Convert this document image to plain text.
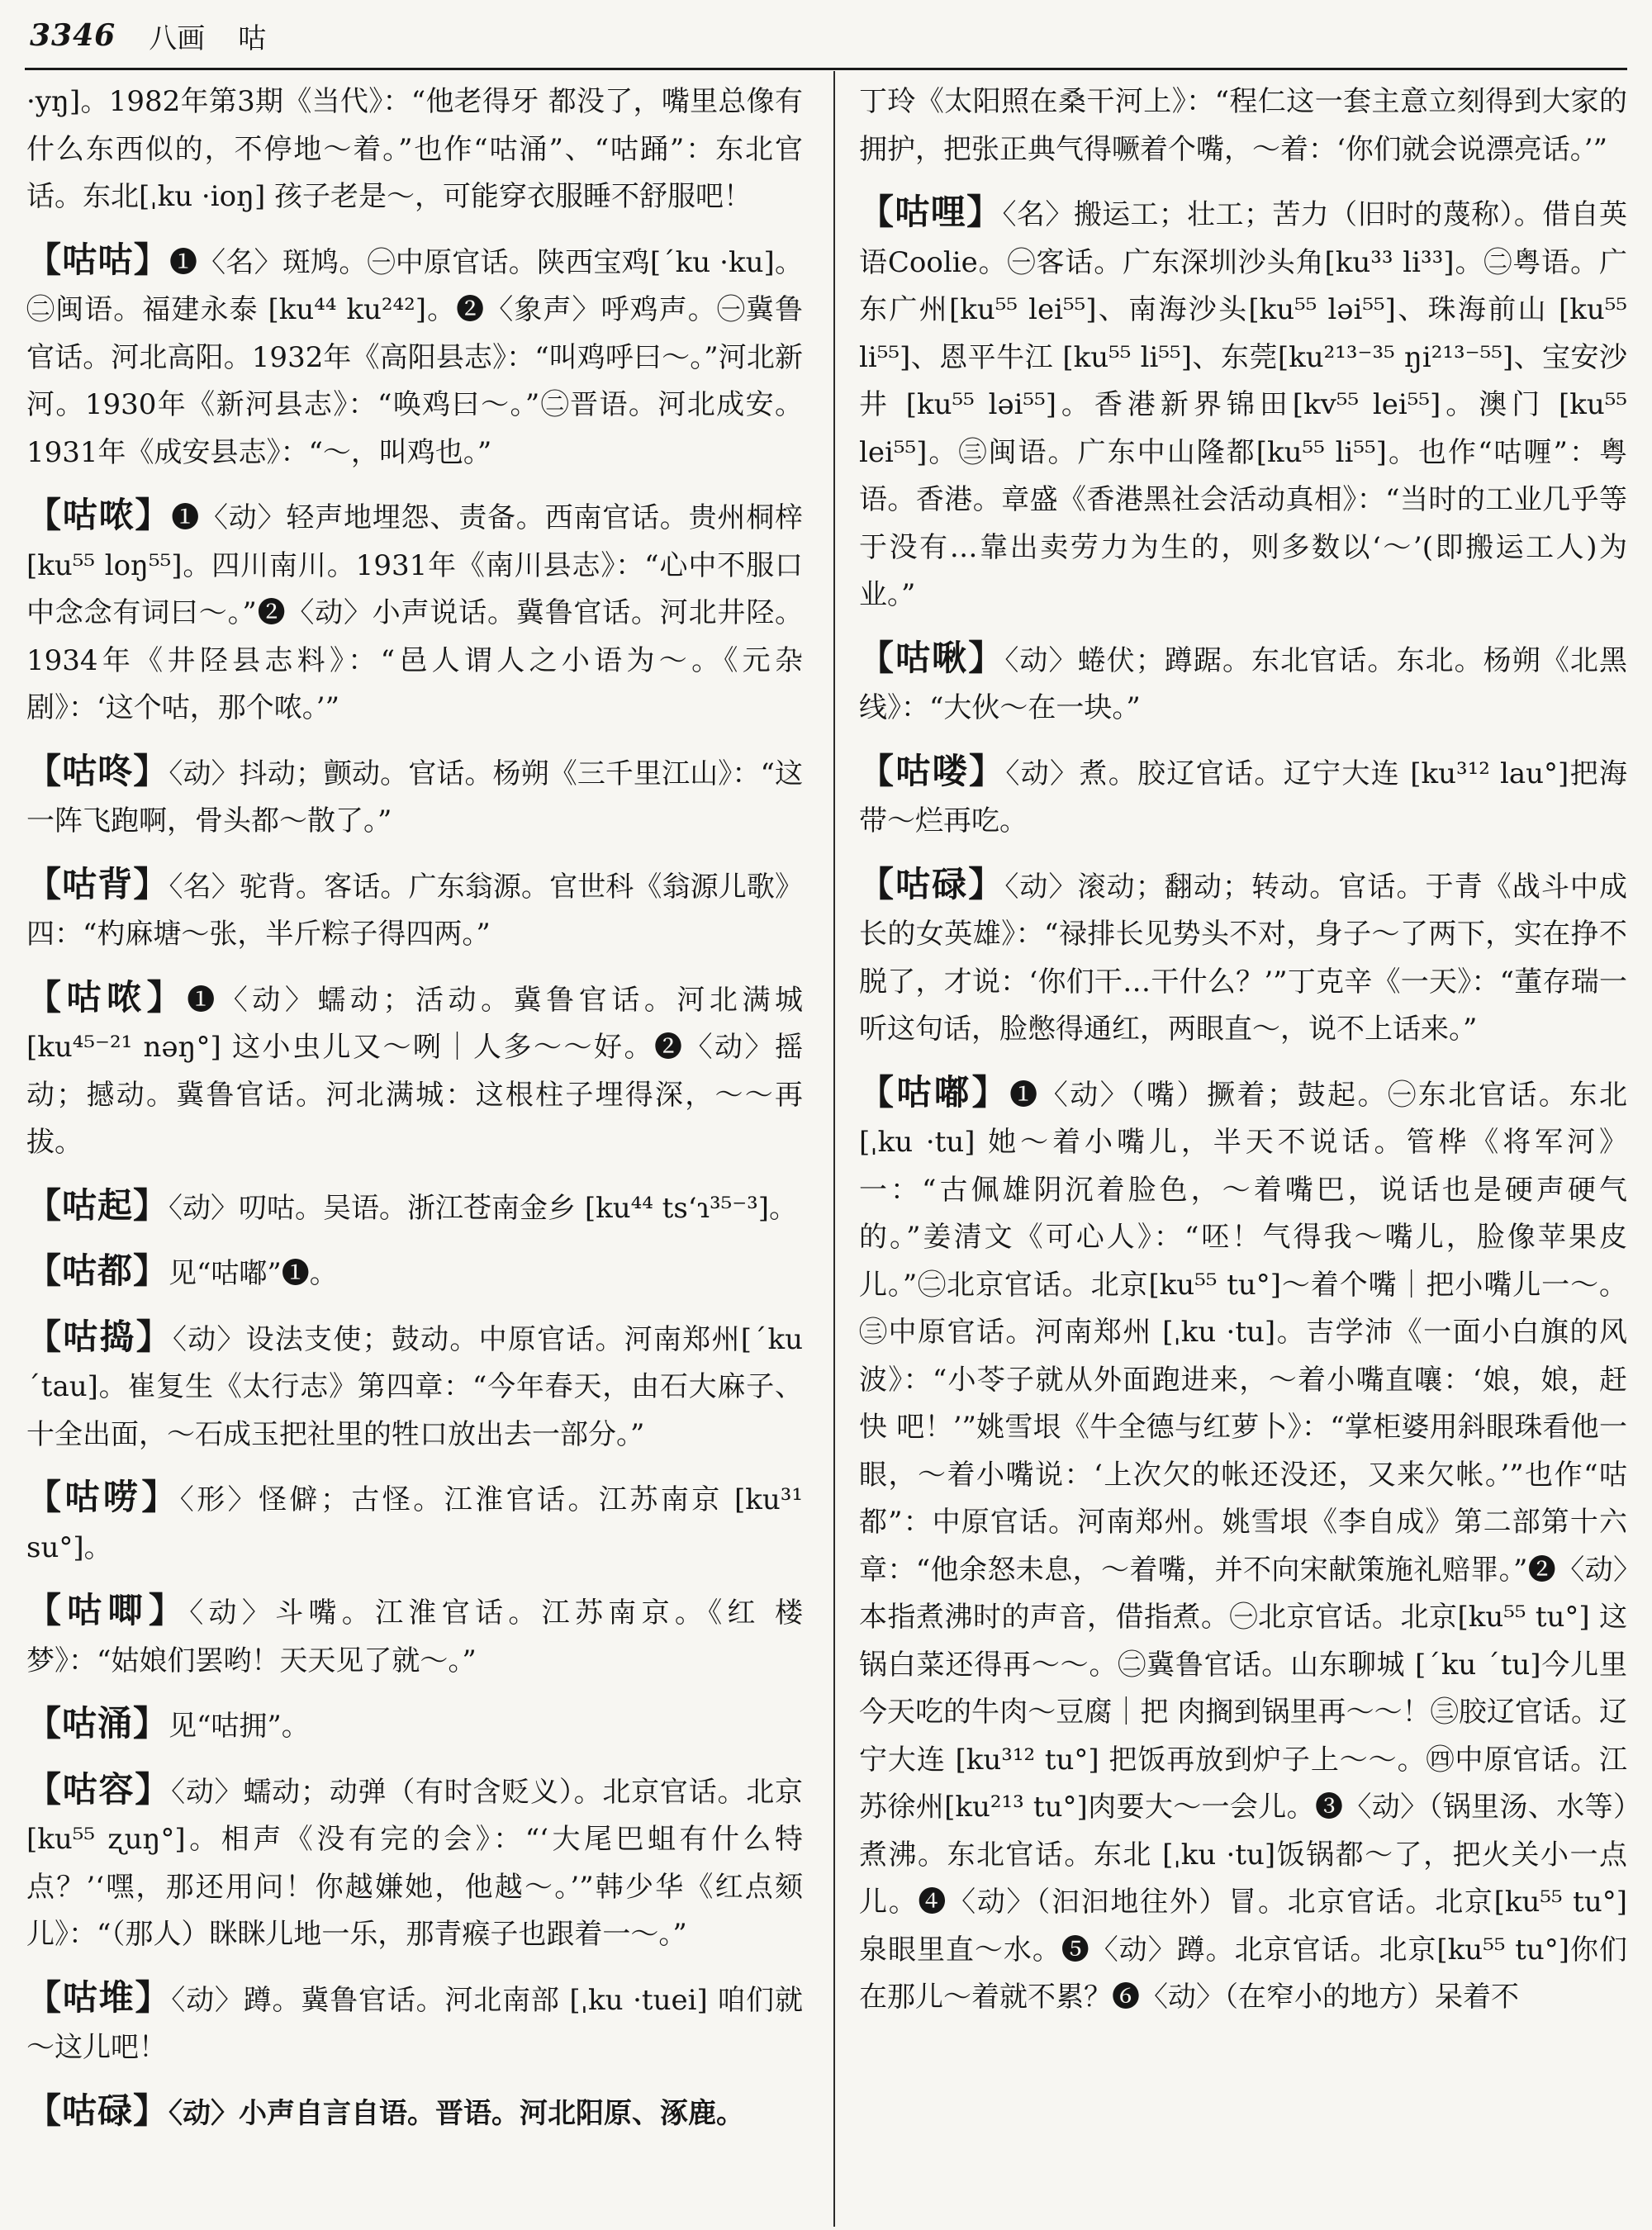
3346 八画 咕

·yŋ]。1982年第3期《当代》：“他老得牙 都没了，嘴里总像有什么东西似的，不停地～着。”也作“咕涌”、“咕踊”：东北官话。东北[ˌku ·ioŋ] 孩子老是～，可能穿衣服睡不舒服吧！

【咕咕】❶〈名〉斑鸠。㊀中原官话。陕西宝鸡[ˊku ·ku]。㊁闽语。福建永泰 [ku⁴⁴ ku²⁴²]。❷〈象声〉呼鸡声。㊀冀鲁官话。河北高阳。1932年《高阳县志》：“叫鸡呼曰～。”河北新河。1930年《新河县志》：“唤鸡曰～。”㊁晋语。河北成安。1931年《成安县志》：“～，叫鸡也。”

【咕哝】❶〈动〉轻声地埋怨、责备。西南官话。贵州桐梓 [ku⁵⁵ loŋ⁵⁵]。四川南川。1931年《南川县志》：“心中不服口中念念有词曰～。”❷〈动〉小声说话。冀鲁官话。河北井陉。1934年《井陉县志料》：“邑人谓人之小语为～。《元杂剧》：‘这个咕，那个哝。’”

【咕咚】〈动〉抖动；颤动。官话。杨朔《三千里江山》：“这一阵飞跑啊，骨头都～散了。”

【咕背】〈名〉驼背。客话。广东翁源。官世科《翁源儿歌》四：“杓麻塘～张，半斤粽子得四两。”

【咕哝】❶〈动〉蠕动；活动。冀鲁官话。河北满城[ku⁴⁵⁻²¹ nəŋ°] 这小虫儿又～咧｜人多～～好。❷〈动〉摇动；撼动。冀鲁官话。河北满城：这根柱子埋得深，～～再拔。

【咕起】〈动〉叨咕。吴语。浙江苍南金乡 [ku⁴⁴ tsʻɿ³⁵⁻³]。

【咕都】见“咕嘟”❶。

【咕捣】〈动〉设法支使；鼓动。中原官话。河南郑州[ˊku ˊtau]。崔复生《太行志》第四章：“今年春天，由石大麻子、十全出面，～石成玉把社里的牲口放出去一部分。”

【咕唠】〈形〉怪僻；古怪。江淮官话。江苏南京 [ku³¹ su°]。

【咕唧】〈动〉斗嘴。江淮官话。江苏南京。《红 楼 梦》：“姑娘们罢哟！天天见了就～。”

【咕涌】见“咕拥”。

【咕容】〈动〉蠕动；动弹（有时含贬义）。北京官话。北京 [ku⁵⁵ ʐuŋ°]。相声《没有完的会》：“‘大尾巴蛆有什么特点？’‘嘿，那还用问！你越嫌她，他越～。’”韩少华《红点颏儿》：“（那人）眯眯儿地一乐，那青瘊子也跟着一～。”

【咕堆】〈动〉蹲。冀鲁官话。河北南部 [ˌku ·tuei] 咱们就～这儿吧！

【咕碌】〈动〉小声自言自语。晋语。河北阳原、涿鹿。

丁玲《太阳照在桑干河上》：“程仁这一套主意立刻得到大家的拥护，把张正典气得噘着个嘴，～着：‘你们就会说漂亮话。’”

【咕哩】〈名〉搬运工；壮工；苦力（旧时的蔑称）。借自英语Coolie。㊀客话。广东深圳沙头角[ku³³ li³³]。㊁粤语。广东广州[ku⁵⁵ lei⁵⁵]、南海沙头[ku⁵⁵ ləi⁵⁵]、珠海前山 [ku⁵⁵ li⁵⁵]、恩平牛江 [ku⁵⁵ li⁵⁵]、东莞[ku²¹³⁻³⁵ ŋi²¹³⁻⁵⁵]、宝安沙井 [ku⁵⁵ ləi⁵⁵]。香港新界锦田[kv⁵⁵ lei⁵⁵]。澳门 [ku⁵⁵ lei⁵⁵]。㊂闽语。广东中山隆都[ku⁵⁵ li⁵⁵]。也作“咕喱”：粤语。香港。章盛《香港黑社会活动真相》：“当时的工业几乎等于没有…靠出卖劳力为生的，则多数以‘～’(即搬运工人)为业。”

【咕啾】〈动〉蜷伏；蹲踞。东北官话。东北。杨朔《北黑线》：“大伙～在一块。”

【咕喽】〈动〉煮。胶辽官话。辽宁大连 [ku³¹² lau°]把海带～烂再吃。

【咕碌】〈动〉滚动；翻动；转动。官话。于青《战斗中成长的女英雄》：“禄排长见势头不对，身子～了两下，实在挣不脱了，才说：‘你们干…干什么？’”丁克辛《一天》：“董存瑞一听这句话，脸憋得通红，两眼直～，说不上话来。”

【咕嘟】❶〈动〉（嘴）撅着；鼓起。㊀东北官话。东北[ˌku ·tu] 她～着小嘴儿，半天不说话。管桦《将军河》一：“古佩雄阴沉着脸色，～着嘴巴，说话也是硬声硬气的。”姜清文《可心人》：“呸！气得我～嘴儿，脸像苹果皮儿。”㊁北京官话。北京[ku⁵⁵ tu°]～着个嘴｜把小嘴儿一～。㊂中原官话。河南郑州 [ˌku ·tu]。吉学沛《一面小白旗的风波》：“小苓子就从外面跑进来，～着小嘴直嚷：‘娘，娘，赶 快 吧！’”姚雪垠《牛全德与红萝卜》：“掌柜婆用斜眼珠看他一眼，～着小嘴说：‘上次欠的帐还没还，又来欠帐。’”也作“咕都”：中原官话。河南郑州。姚雪垠《李自成》第二部第十六章：“他余怒未息，～着嘴，并不向宋献策施礼赔罪。”❷〈动〉本指煮沸时的声音，借指煮。㊀北京官话。北京[ku⁵⁵ tu°] 这锅白菜还得再～～。㊁冀鲁官话。山东聊城 [ˊku ˊtu]今儿里今天吃的牛肉～豆腐｜把 肉搁到锅里再～～！㊂胶辽官话。辽宁大连 [ku³¹² tu°] 把饭再放到炉子上～～。㊃中原官话。江苏徐州[ku²¹³ tu°]肉要大～一会儿。❸〈动〉（锅里汤、水等）煮沸。东北官话。东北 [ˌku ·tu]饭锅都～了，把火关小一点儿。❹〈动〉（汩汩地往外）冒。北京官话。北京[ku⁵⁵ tu°] 泉眼里直～水。❺〈动〉蹲。北京官话。北京[ku⁵⁵ tu°]你们在那儿～着就不累？❻〈动〉（在窄小的地方）呆着不
